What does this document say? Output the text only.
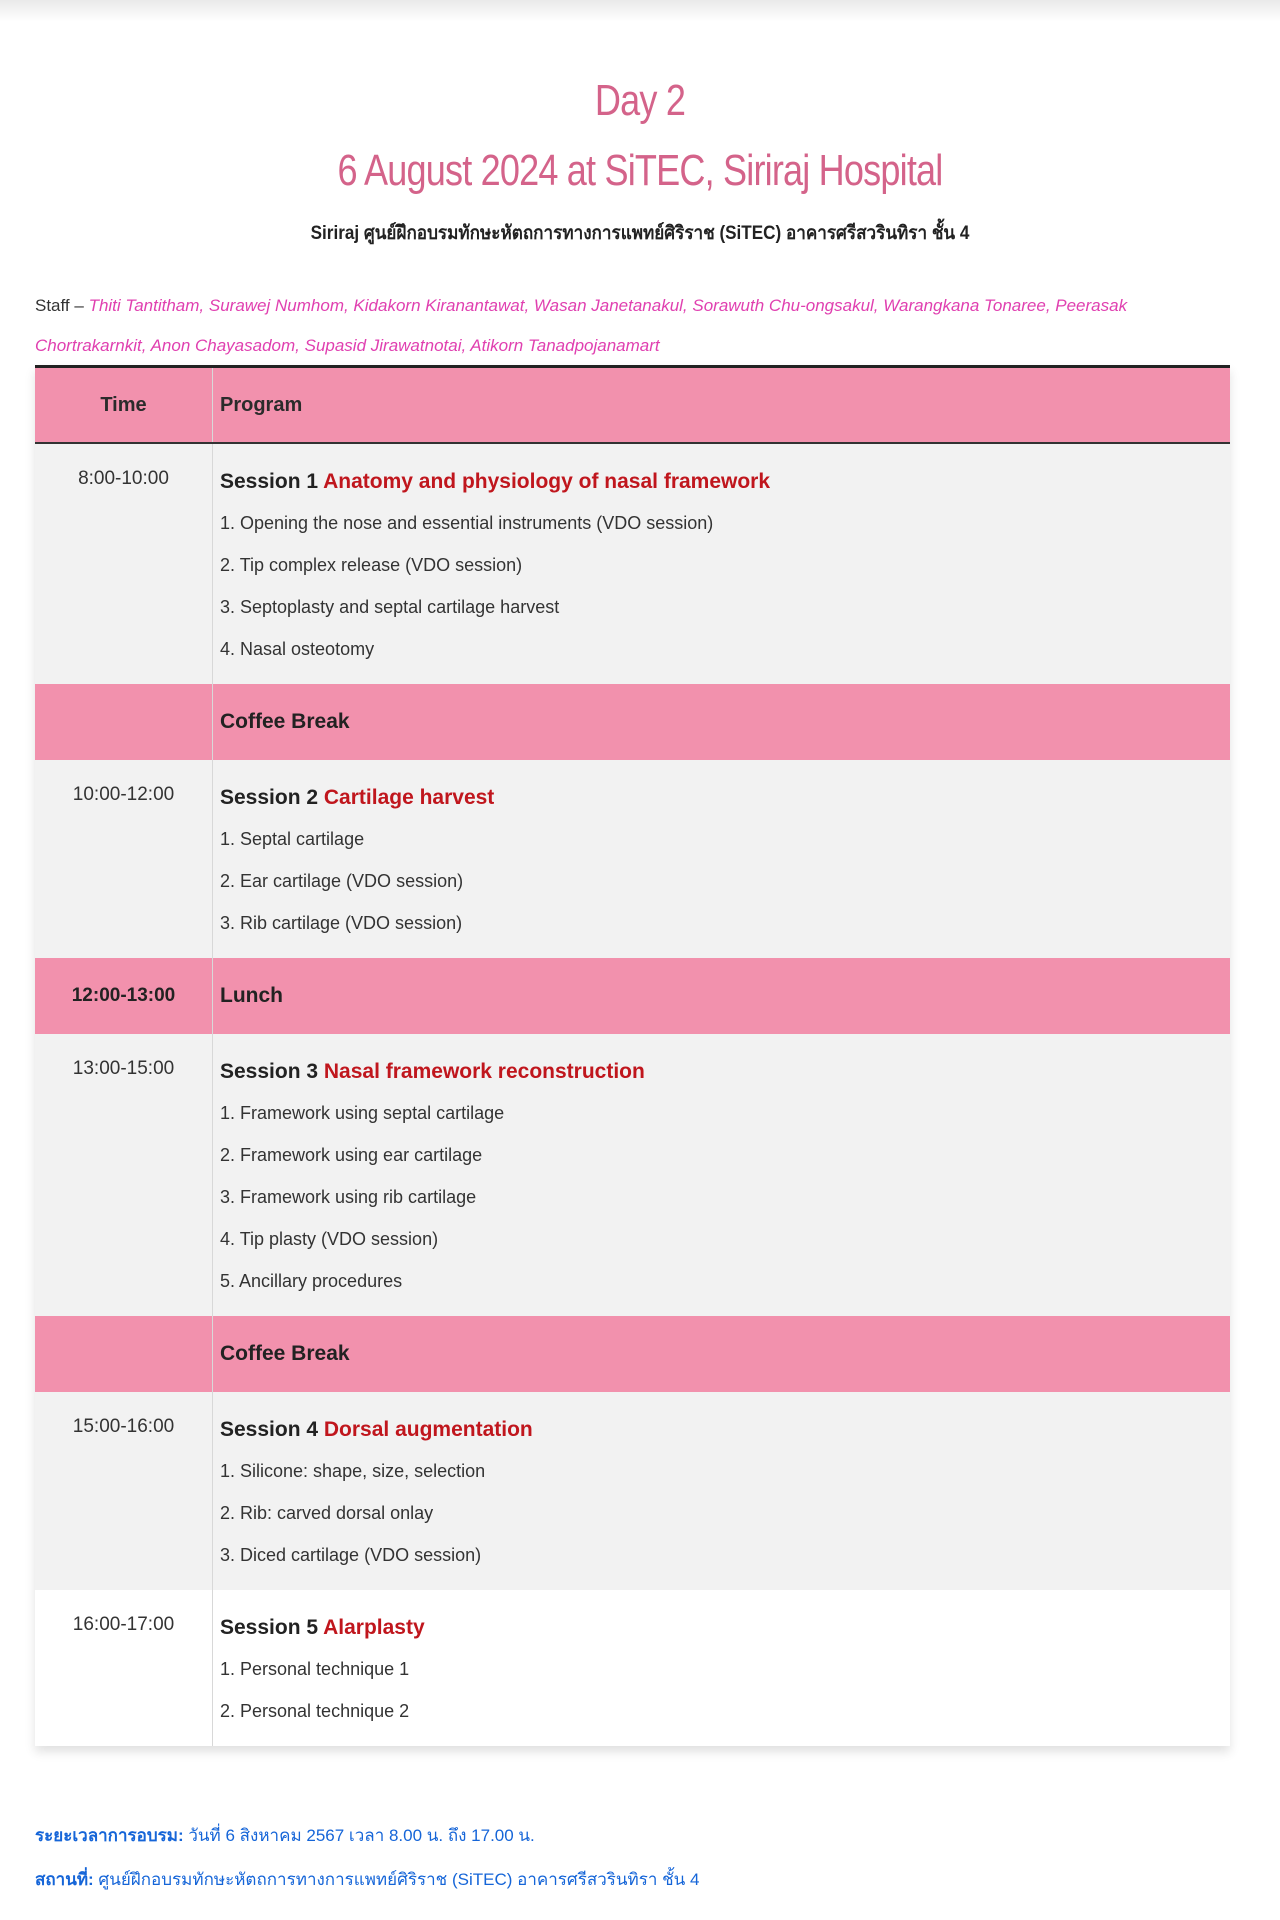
Day 2
6 August 2024 at SiTEC, Siriraj Hospital
Siriraj ศูนย์ฝึกอบรมทักษะหัตถการทางการแพทย์ศิริราช (SiTEC) อาคารศรีสวรินทิรา ชั้น 4
Staff – Thiti Tantitham, Surawej Numhom, Kidakorn Kiranantawat, Wasan Janetanakul, Sorawuth Chu-ongsakul, Warangkana Tonaree, Peerasak Chortrakarnkit, Anon Chayasadom, Supasid Jirawatnotai, Atikorn Tanadpojanamart
Time	Program
8:00-10:00	Session 1 Anatomy and physiology of nasal framework
1. Opening the nose and essential instruments (VDO session)
2. Tip complex release (VDO session)
3. Septoplasty and septal cartilage harvest
4. Nasal osteotomy
Coffee Break
10:00-12:00	Session 2 Cartilage harvest
1. Septal cartilage
2. Ear cartilage (VDO session)
3. Rib cartilage (VDO session)
12:00-13:00	Lunch
13:00-15:00	Session 3 Nasal framework reconstruction
1. Framework using septal cartilage
2. Framework using ear cartilage
3. Framework using rib cartilage
4. Tip plasty (VDO session)
5. Ancillary procedures
Coffee Break
15:00-16:00	Session 4 Dorsal augmentation
1. Silicone: shape, size, selection
2. Rib: carved dorsal onlay
3. Diced cartilage (VDO session)
16:00-17:00	Session 5 Alarplasty
1. Personal technique 1
2. Personal technique 2
ระยะเวลาการอบรม: วันที่ 6 สิงหาคม 2567 เวลา 8.00 น. ถึง 17.00 น.
สถานที่: ศูนย์ฝึกอบรมทักษะหัตถการทางการแพทย์ศิริราช (SiTEC) อาคารศรีสวรินทิรา ชั้น 4
